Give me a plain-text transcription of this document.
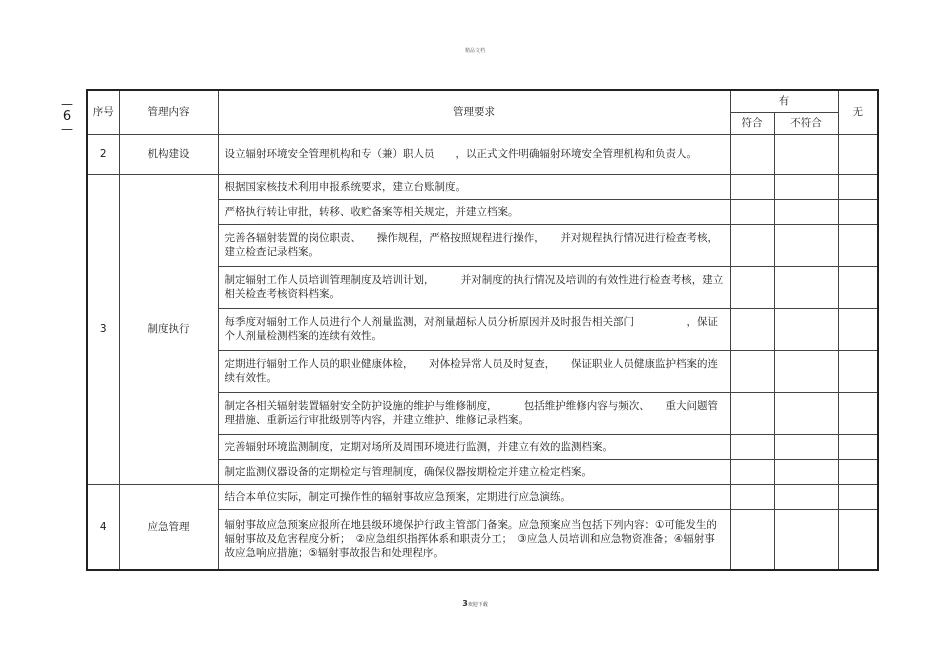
精品文档
—
6
—
序号	管理内容	管理要求	有		无
			符合	不符合	
2	机构建设	设立辐射环境安全管理机构和专（兼）职人员　　，以正式文件明确辐射环境安全管理机构和负责人。			
3	制度执行	根据国家核技术利用申报系统要求，建立台账制度。			
		严格执行转让审批，转移、收贮备案等相关规定，并建立档案。			
		完善各辐射装置的岗位职责、　　操作规程，严格按照规程进行操作，　　并对规程执行情况进行检查考核，建立检查记录档案。			
		制定辐射工作人员培训管理制度及培训计划，　　　并对制度的执行情况及培训的有效性进行检查考核，建立相关检查考核资料档案。			
		每季度对辐射工作人员进行个人剂量监测，对剂量超标人员分析原因并及时报告相关部门　　　　　，保证个人剂量检测档案的连续有效性。			
		定期进行辐射工作人员的职业健康体检，　　对体检异常人员及时复查，　　保证职业人员健康监护档案的连续有效性。			
		制定各相关辐射装置辐射安全防护设施的维护与维修制度，　　　包括维护维修内容与频次、　　重大问题管理措施、重新运行审批级别等内容，并建立维护、维修记录档案。			
		完善辐射环境监测制度，定期对场所及周围环境进行监测，并建立有效的监测档案。			
		制定监测仪器设备的定期检定与管理制度，确保仪器按期检定并建立检定档案。			
4	应急管理	结合本单位实际，制定可操作性的辐射事故应急预案，定期进行应急演练。			
		辐射事故应急预案应报所在地县级环境保护行政主管部门备案。应急预案应当包括下列内容：①可能发生的辐射事故及危害程度分析；　②应急组织指挥体系和职责分工；　③应急人员培训和应急物资准备；④辐射事故应急响应措施；⑤辐射事故报告和处理程序。			
3欢迎下载
